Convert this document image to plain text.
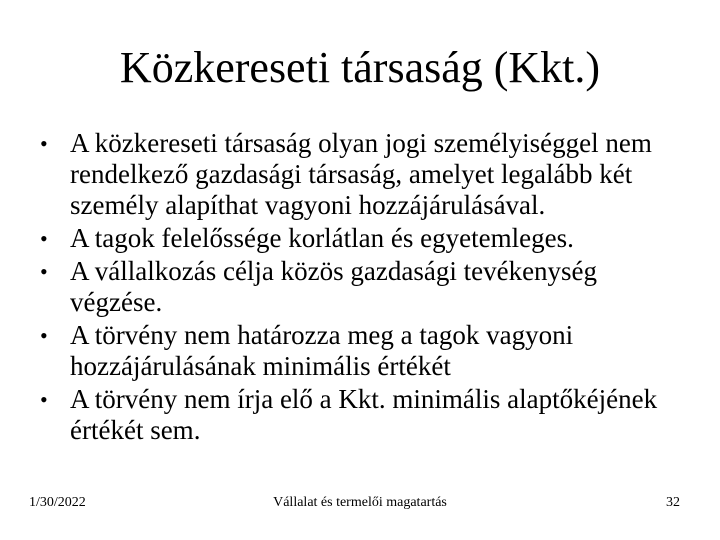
Közkereseti társaság (Kkt.)
• A közkereseti társaság olyan jogi személyiséggel nem rendelkező gazdasági társaság, amelyet legalább két személy alapíthat vagyoni hozzájárulásával.
• A tagok felelőssége korlátlan és egyetemleges.
• A vállalkozás célja közös gazdasági tevékenység végzése.
• A törvény nem határozza meg a tagok vagyoni hozzájárulásának minimális értékét
• A törvény nem írja elő a Kkt. minimális alaptőkéjének értékét sem.
1/30/2022	Vállalat és termelői magatartás	32
